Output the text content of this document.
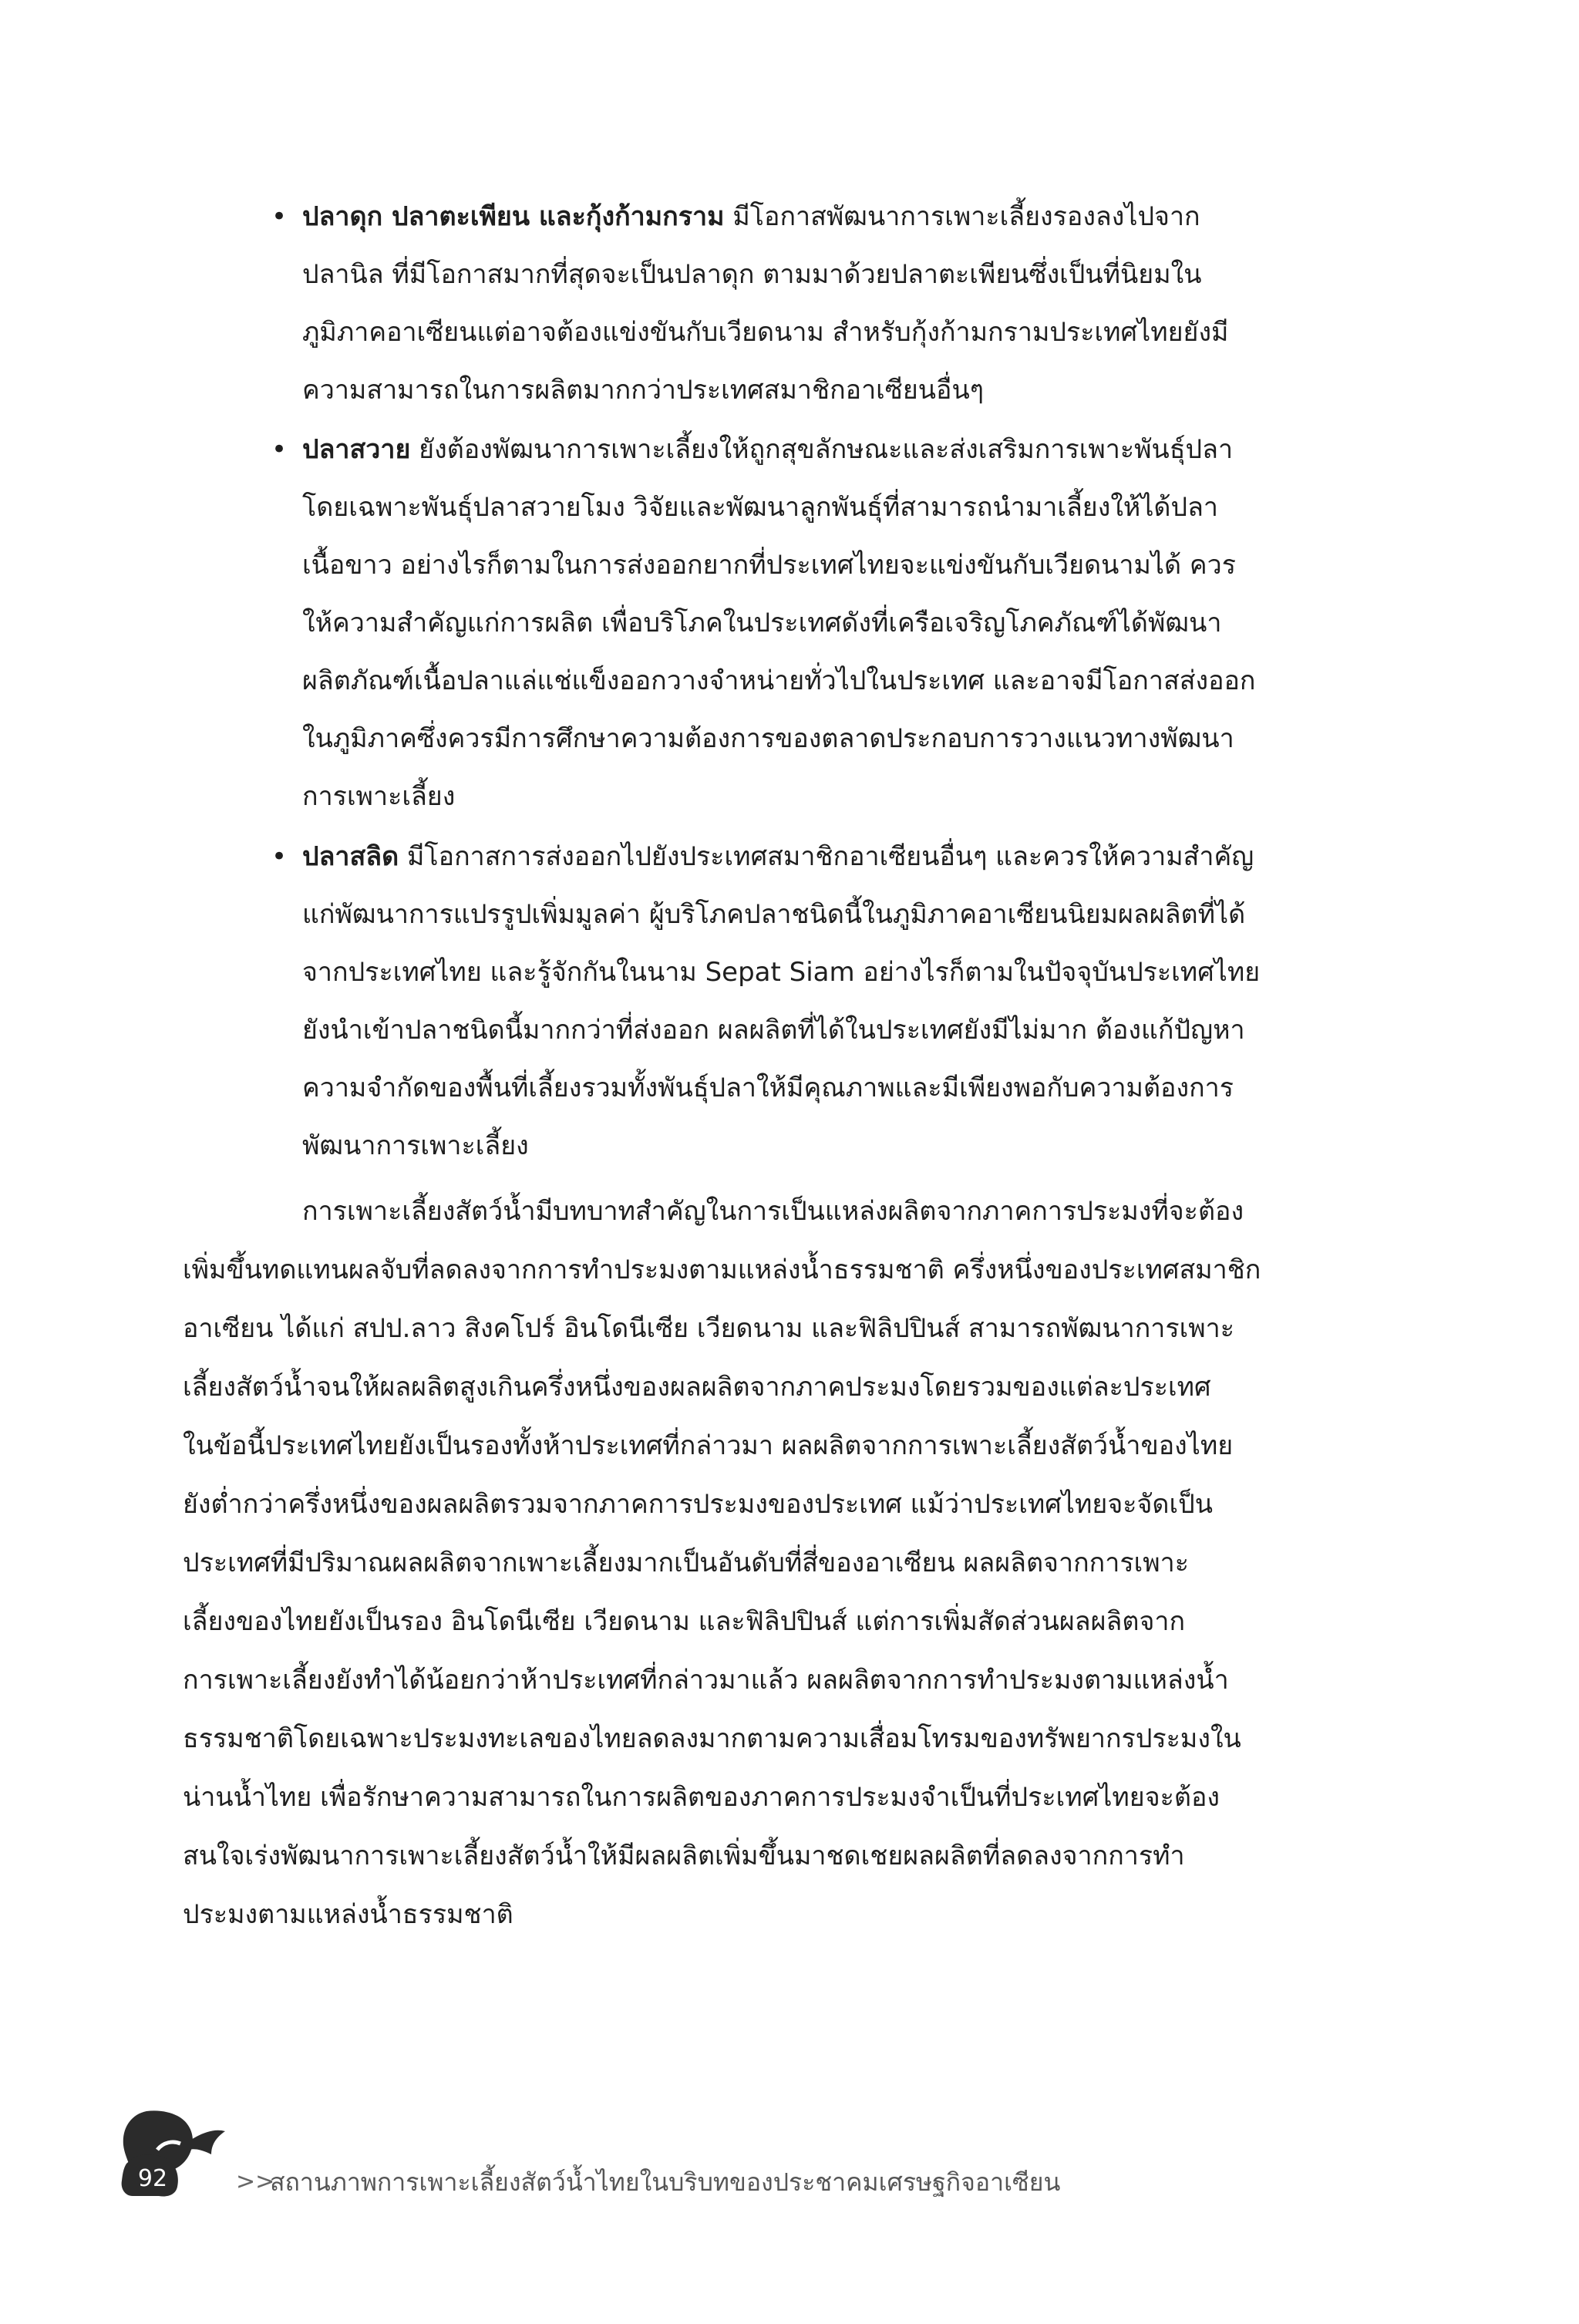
• ปลาดุก ปลาตะเพียน และกุ้งก้ามกราม มีโอกาสพัฒนาการเพาะเลี้ยงรองลงไปจาก
ปลานิล ที่มีโอกาสมากที่สุดจะเป็นปลาดุก ตามมาด้วยปลาตะเพียนซึ่งเป็นที่นิยมใน
ภูมิภาคอาเซียนแต่อาจต้องแข่งขันกับเวียดนาม สำหรับกุ้งก้ามกรามประเทศไทยยังมี
ความสามารถในการผลิตมากกว่าประเทศสมาชิกอาเซียนอื่นๆ
• ปลาสวาย ยังต้องพัฒนาการเพาะเลี้ยงให้ถูกสุขลักษณะและส่งเสริมการเพาะพันธุ์ปลา
โดยเฉพาะพันธุ์ปลาสวายโมง วิจัยและพัฒนาลูกพันธุ์ที่สามารถนำมาเลี้ยงให้ได้ปลา
เนื้อขาว อย่างไรก็ตามในการส่งออกยากที่ประเทศไทยจะแข่งขันกับเวียดนามได้ ควร
ให้ความสำคัญแก่การผลิต เพื่อบริโภคในประเทศดังที่เครือเจริญโภคภัณฑ์ได้พัฒนา
ผลิตภัณฑ์เนื้อปลาแล่แช่แข็งออกวางจำหน่ายทั่วไปในประเทศ และอาจมีโอกาสส่งออก
ในภูมิภาคซึ่งควรมีการศึกษาความต้องการของตลาดประกอบการวางแนวทางพัฒนา
การเพาะเลี้ยง
• ปลาสลิด มีโอกาสการส่งออกไปยังประเทศสมาชิกอาเซียนอื่นๆ และควรให้ความสำคัญ
แก่พัฒนาการแปรรูปเพิ่มมูลค่า ผู้บริโภคปลาชนิดนี้ในภูมิภาคอาเซียนนิยมผลผลิตที่ได้
จากประเทศไทย และรู้จักกันในนาม Sepat Siam อย่างไรก็ตามในปัจจุบันประเทศไทย
ยังนำเข้าปลาชนิดนี้มากกว่าที่ส่งออก ผลผลิตที่ได้ในประเทศยังมีไม่มาก ต้องแก้ปัญหา
ความจำกัดของพื้นที่เลี้ยงรวมทั้งพันธุ์ปลาให้มีคุณภาพและมีเพียงพอกับความต้องการ
พัฒนาการเพาะเลี้ยง
การเพาะเลี้ยงสัตว์น้ำมีบทบาทสำคัญในการเป็นแหล่งผลิตจากภาคการประมงที่จะต้อง
เพิ่มขึ้นทดแทนผลจับที่ลดลงจากการทำประมงตามแหล่งน้ำธรรมชาติ ครึ่งหนึ่งของประเทศสมาชิก
อาเซียน ได้แก่ สปป.ลาว สิงคโปร์ อินโดนีเซีย เวียดนาม และฟิลิปปินส์ สามารถพัฒนาการเพาะ
เลี้ยงสัตว์น้ำจนให้ผลผลิตสูงเกินครึ่งหนึ่งของผลผลิตจากภาคประมงโดยรวมของแต่ละประเทศ
ในข้อนี้ประเทศไทยยังเป็นรองทั้งห้าประเทศที่กล่าวมา ผลผลิตจากการเพาะเลี้ยงสัตว์น้ำของไทย
ยังต่ำกว่าครึ่งหนึ่งของผลผลิตรวมจากภาคการประมงของประเทศ แม้ว่าประเทศไทยจะจัดเป็น
ประเทศที่มีปริมาณผลผลิตจากเพาะเลี้ยงมากเป็นอันดับที่สี่ของอาเซียน ผลผลิตจากการเพาะ
เลี้ยงของไทยยังเป็นรอง อินโดนีเซีย เวียดนาม และฟิลิปปินส์ แต่การเพิ่มสัดส่วนผลผลิตจาก
การเพาะเลี้ยงยังทำได้น้อยกว่าห้าประเทศที่กล่าวมาแล้ว ผลผลิตจากการทำประมงตามแหล่งน้ำ
ธรรมชาติโดยเฉพาะประมงทะเลของไทยลดลงมากตามความเสื่อมโทรมของทรัพยากรประมงใน
น่านน้ำไทย เพื่อรักษาความสามารถในการผลิตของภาคการประมงจำเป็นที่ประเทศไทยจะต้อง
สนใจเร่งพัฒนาการเพาะเลี้ยงสัตว์น้ำให้มีผลผลิตเพิ่มขึ้นมาชดเชยผลผลิตที่ลดลงจากการทำ
ประมงตามแหล่งน้ำธรรมชาติ
92	>>
สถานภาพการเพาะเลี้ยงสัตว์น้ำไทยในบริบทของประชาคมเศรษฐกิจอาเซียน
